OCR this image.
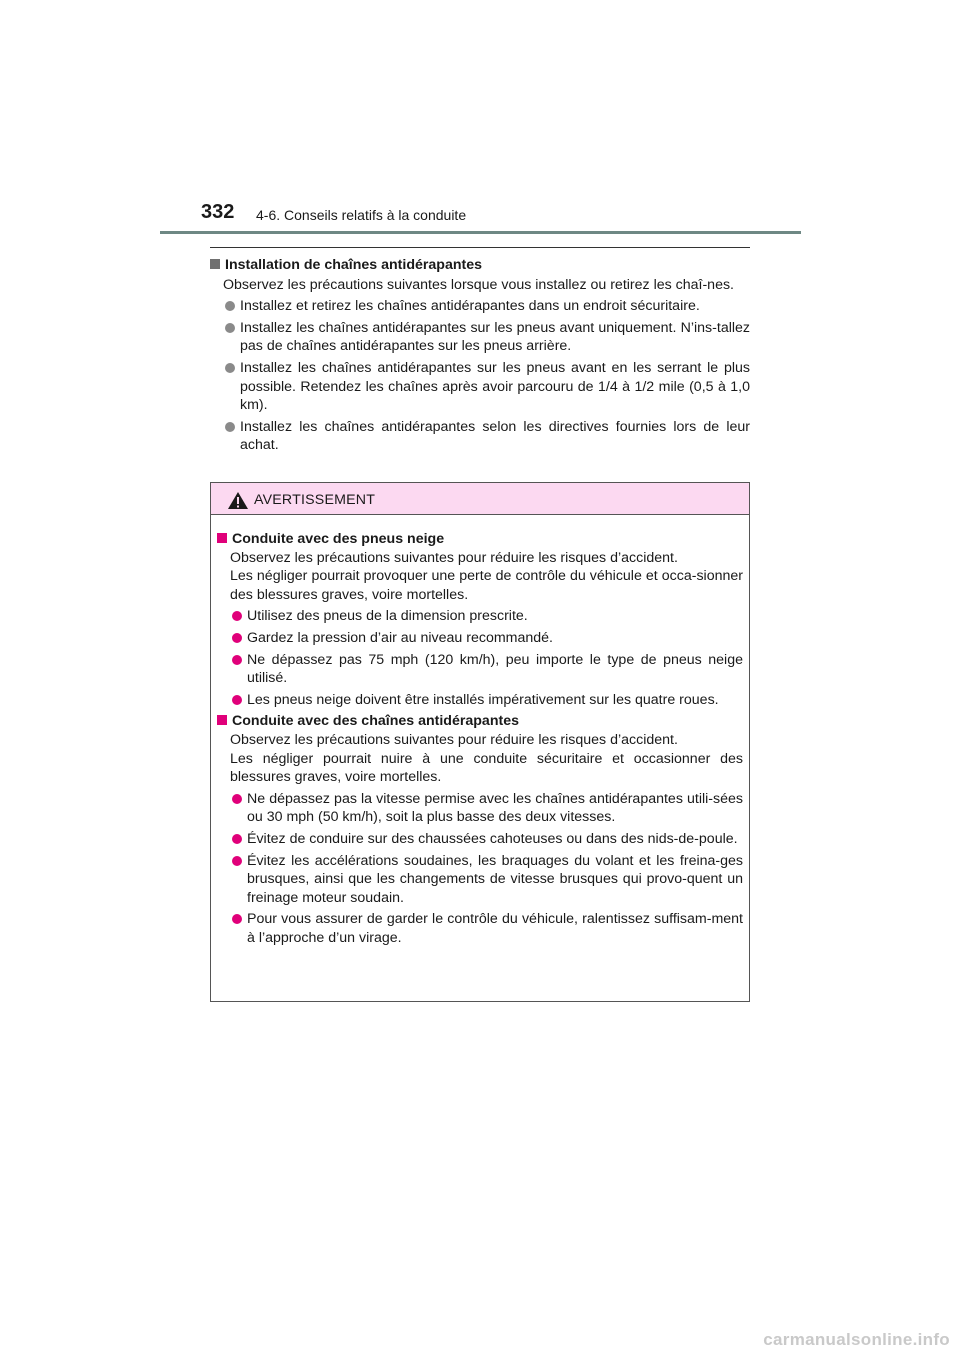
332 4-6. Conseils relatifs à la conduite
Installation de chaînes antidérapantes
Observez les précautions suivantes lorsque vous installez ou retirez les chaî-nes.
Installez et retirez les chaînes antidérapantes dans un endroit sécuritaire.
Installez les chaînes antidérapantes sur les pneus avant uniquement. N’ins-tallez pas de chaînes antidérapantes sur les pneus arrière.
Installez les chaînes antidérapantes sur les pneus avant en les serrant le plus possible. Retendez les chaînes après avoir parcouru de 1/4 à 1/2 mile (0,5 à 1,0 km).
Installez les chaînes antidérapantes selon les directives fournies lors de leur achat.
AVERTISSEMENT
Conduite avec des pneus neige
Observez les précautions suivantes pour réduire les risques d’accident.
Les négliger pourrait provoquer une perte de contrôle du véhicule et occa-sionner des blessures graves, voire mortelles.
Utilisez des pneus de la dimension prescrite.
Gardez la pression d’air au niveau recommandé.
Ne dépassez pas 75 mph (120 km/h), peu importe le type de pneus neige utilisé.
Les pneus neige doivent être installés impérativement sur les quatre roues.
Conduite avec des chaînes antidérapantes
Observez les précautions suivantes pour réduire les risques d’accident.
Les négliger pourrait nuire à une conduite sécuritaire et occasionner des blessures graves, voire mortelles.
Ne dépassez pas la vitesse permise avec les chaînes antidérapantes utili-sées ou 30 mph (50 km/h), soit la plus basse des deux vitesses.
Évitez de conduire sur des chaussées cahoteuses ou dans des nids-de-poule.
Évitez les accélérations soudaines, les braquages du volant et les freina-ges brusques, ainsi que les changements de vitesse brusques qui provo-quent un freinage moteur soudain.
Pour vous assurer de garder le contrôle du véhicule, ralentissez suffisam-ment à l’approche d’un virage.
carmanualsonline.info
